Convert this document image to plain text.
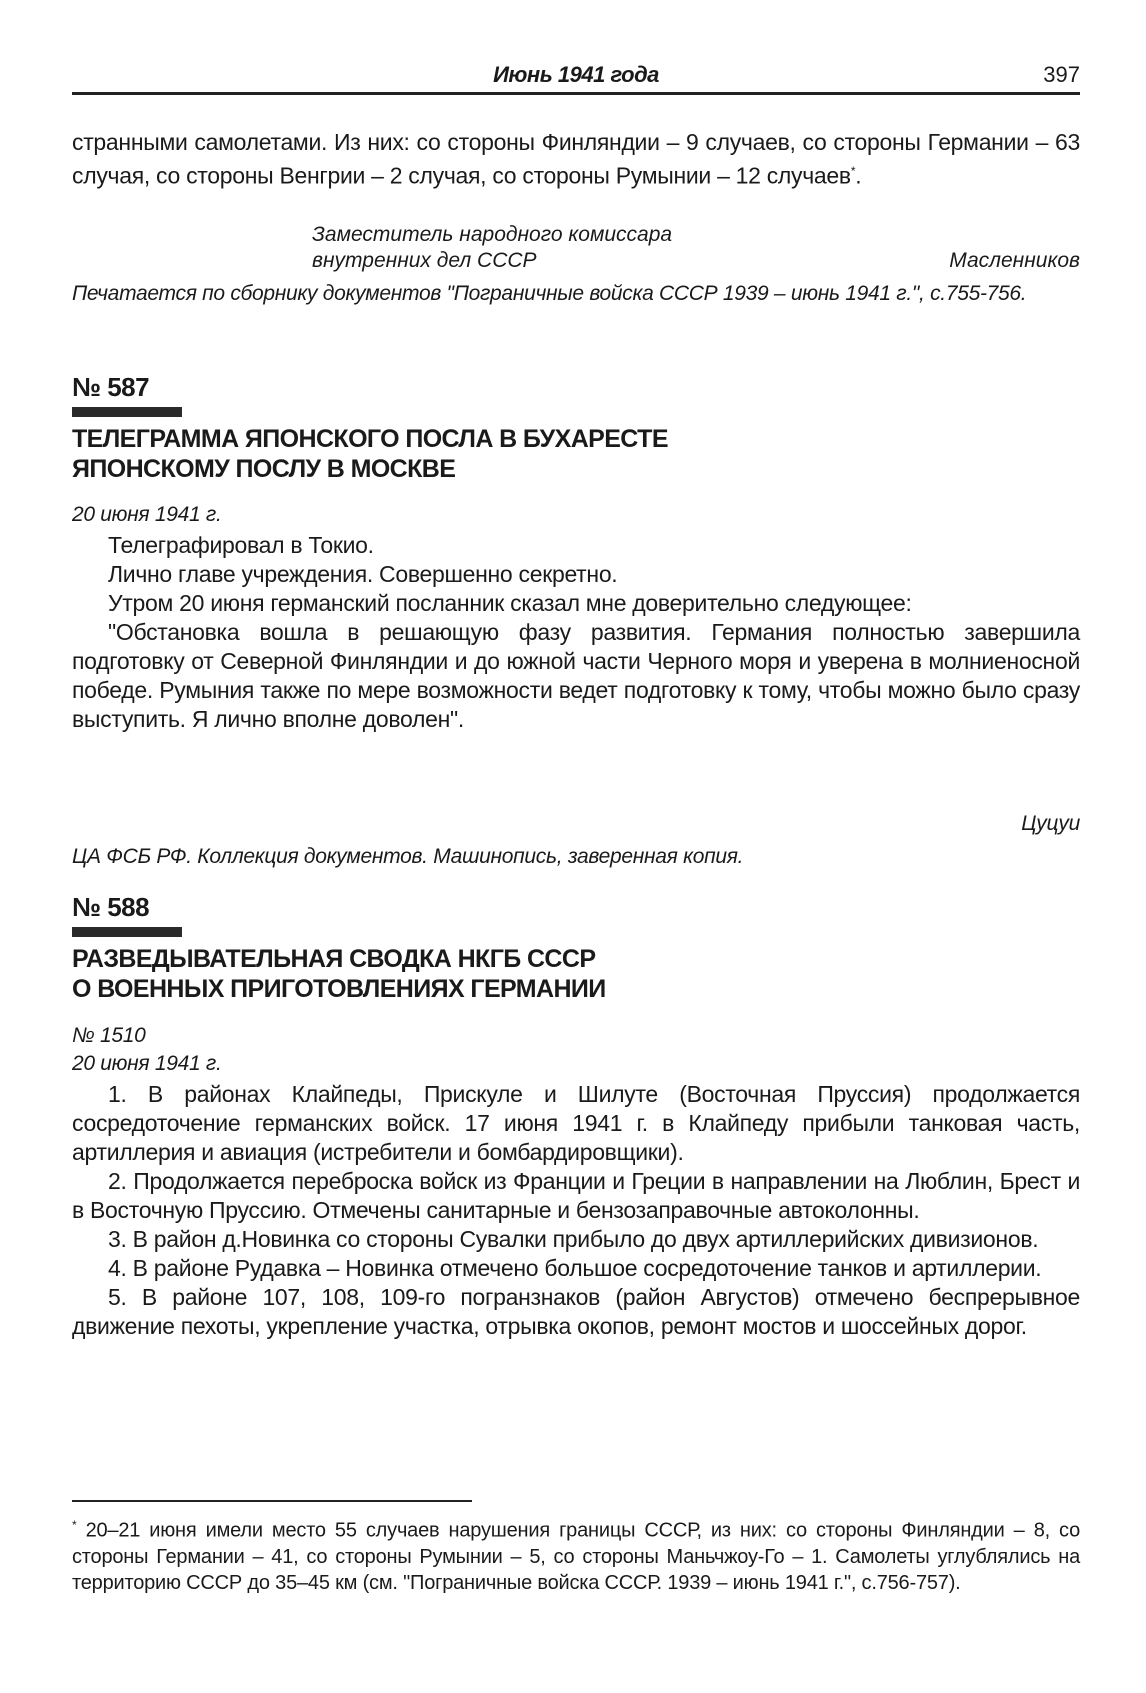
Июнь 1941 года	397
странными самолетами. Из них: со стороны Финляндии – 9 случаев, со стороны Германии – 63 случая, со стороны Венгрии – 2 случая, со стороны Румынии – 12 случаев*.
Заместитель народного комиссара
внутренних дел СССР	Масленников
Печатается по сборнику документов "Пограничные войска СССР 1939 – июнь 1941 г.", с.755-756.
№ 587
ТЕЛЕГРАММА ЯПОНСКОГО ПОСЛА В БУХАРЕСТЕ
ЯПОНСКОМУ ПОСЛУ В МОСКВЕ
20 июня 1941 г.
Телеграфировал в Токио.
Лично главе учреждения. Совершенно секретно.
Утром 20 июня германский посланник сказал мне доверительно следующее:
"Обстановка вошла в решающую фазу развития. Германия полностью завершила подготовку от Северной Финляндии и до южной части Черного моря и уверена в молниеносной победе. Румыния также по мере возможности ведет подготовку к тому, чтобы можно было сразу выступить. Я лично вполне доволен".
Цуцуи
ЦА ФСБ РФ. Коллекция документов. Машинопись, заверенная копия.
№ 588
РАЗВЕДЫВАТЕЛЬНАЯ СВОДКА НКГБ СССР
О ВОЕННЫХ ПРИГОТОВЛЕНИЯХ ГЕРМАНИИ
№ 1510
20 июня 1941 г.
1. В районах Клайпеды, Прискуле и Шилуте (Восточная Пруссия) продолжается сосредоточение германских войск. 17 июня 1941 г. в Клайпеду прибыли танковая часть, артиллерия и авиация (истребители и бомбардировщики).
2. Продолжается переброска войск из Франции и Греции в направлении на Люблин, Брест и в Восточную Пруссию. Отмечены санитарные и бензозаправочные автоколонны.
3. В район д.Новинка со стороны Сувалки прибыло до двух артиллерийских дивизионов.
4. В районе Рудавка – Новинка отмечено большое сосредоточение танков и артиллерии.
5. В районе 107, 108, 109-го погранзнаков (район Августов) отмечено беспрерывное движение пехоты, укрепление участка, отрывка окопов, ремонт мостов и шоссейных дорог.
* 20–21 июня имели место 55 случаев нарушения границы СССР, из них: со стороны Финляндии – 8, со стороны Германии – 41, со стороны Румынии – 5, со стороны Маньчжоу-Го – 1. Самолеты углублялись на территорию СССР до 35–45 км (см. "Пограничные войска СССР. 1939 – июнь 1941 г.", с.756-757).
